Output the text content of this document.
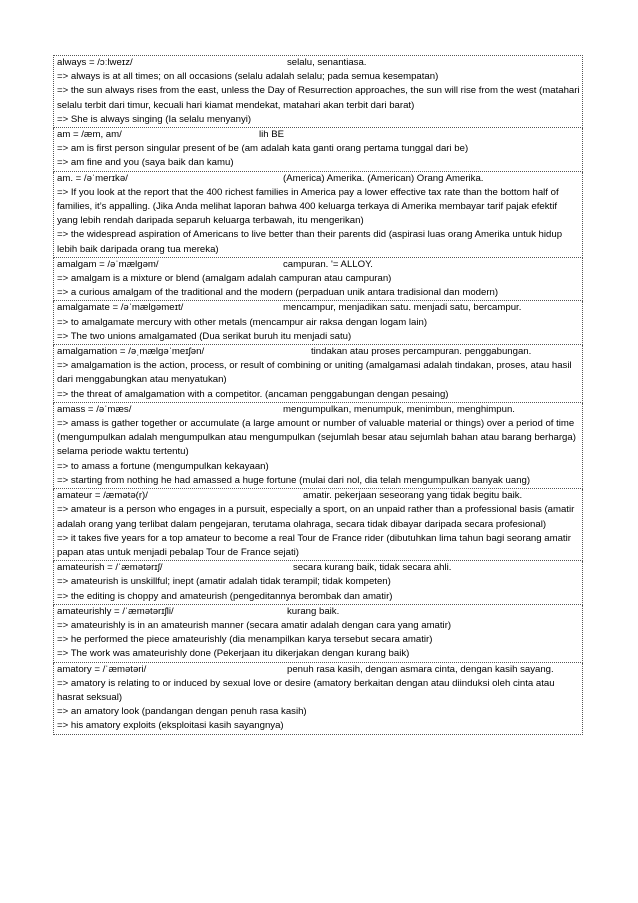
always = /ɔːlweɪz/	selalu, senantiasa.
=> always is at all times; on all occasions (selalu adalah selalu; pada semua kesempatan)
=> the sun always rises from the east, unless the Day of Resurrection approaches, the sun will rise from the west (matahari selalu terbit dari timur, kecuali hari kiamat mendekat, matahari akan terbit dari barat)
=> She is always singing (Ia selalu menyanyi)
am = /æm, am/	lih BE
=> am is first person singular present of be (am adalah kata ganti orang pertama tunggal dari be)
=> am fine and you (saya baik dan kamu)
am. = /əˈmerɪkə/	(America) Amerika. (American) Orang Amerika.
=> If you look at the report that the 400 richest families in America pay a lower effective tax rate than the bottom half of families, it’s appalling. (Jika Anda melihat laporan bahwa 400 keluarga terkaya di Amerika membayar tarif pajak efektif yang lebih rendah daripada separuh keluarga terbawah, itu mengerikan)
=> the widespread aspiration of Americans to live better than their parents did (aspirasi luas orang Amerika untuk hidup lebih baik daripada orang tua mereka)
amalgam = /əˈmælgəm/	campuran. '= ALLOY.
=> amalgam is a mixture or blend (amalgam adalah campuran atau campuran)
=> a curious amalgam of the traditional and the modern (perpaduan unik antara tradisional dan modern)
amalgamate = /əˈmælgəmeɪt/	mencampur, menjadikan satu. menjadi satu, bercampur.
=> to amalgamate mercury with other metals (mencampur air raksa dengan logam lain)
=> The two unions amalgamated (Dua serikat buruh itu menjadi satu)
amalgamation = /əˌmælgəˈmeɪʃən/	tindakan atau proses percampuran. penggabungan.
=> amalgamation is the action, process, or result of combining or uniting (amalgamasi adalah tindakan, proses, atau hasil dari menggabungkan atau menyatukan)
=> the threat of amalgamation with a competitor. (ancaman penggabungan dengan pesaing)
amass = /əˈmæs/	mengumpulkan, menumpuk, menimbun, menghimpun.
=> amass is gather together or accumulate (a large amount or number of valuable material or things) over a period of time (mengumpulkan adalah mengumpulkan atau mengumpulkan (sejumlah besar atau sejumlah bahan atau barang berharga) selama periode waktu tertentu)
=> to amass a fortune (mengumpulkan kekayaan)
=> starting from nothing he had amassed a huge fortune (mulai dari nol, dia telah mengumpulkan banyak uang)
amateur = /æmətə(r)/	amatir. pekerjaan seseorang yang tidak begitu baik.
=> amateur is a person who engages in a pursuit, especially a sport, on an unpaid rather than a professional basis (amatir adalah orang yang terlibat dalam pengejaran, terutama olahraga, secara tidak dibayar daripada secara profesional)
=> it takes five years for a top amateur to become a real Tour de France rider (dibutuhkan lima tahun bagi seorang amatir papan atas untuk menjadi pebalap Tour de France sejati)
amateurish = /ˈæmətərɪʃ/	secara kurang baik, tidak secara ahli.
=> amateurish is unskillful; inept (amatir adalah tidak terampil; tidak kompeten)
=> the editing is choppy and amateurish (pengeditannya berombak dan amatir)
amateurishly = /ˈæmətərɪʃli/	kurang baik.
=> amateurishly is in an amateurish manner (secara amatir adalah dengan cara yang amatir)
=> he performed the piece amateurishly (dia menampilkan karya tersebut secara amatir)
=> The work was amateurishly done (Pekerjaan itu dikerjakan dengan kurang baik)
amatory = /ˈæmətəri/	penuh rasa kasih, dengan asmara cinta, dengan kasih sayang.
=> amatory is relating to or induced by sexual love or desire (amatory berkaitan dengan atau diinduksi oleh cinta atau hasrat seksual)
=> an amatory look (pandangan dengan penuh rasa kasih)
=> his amatory exploits (eksploitasi kasih sayangnya)
